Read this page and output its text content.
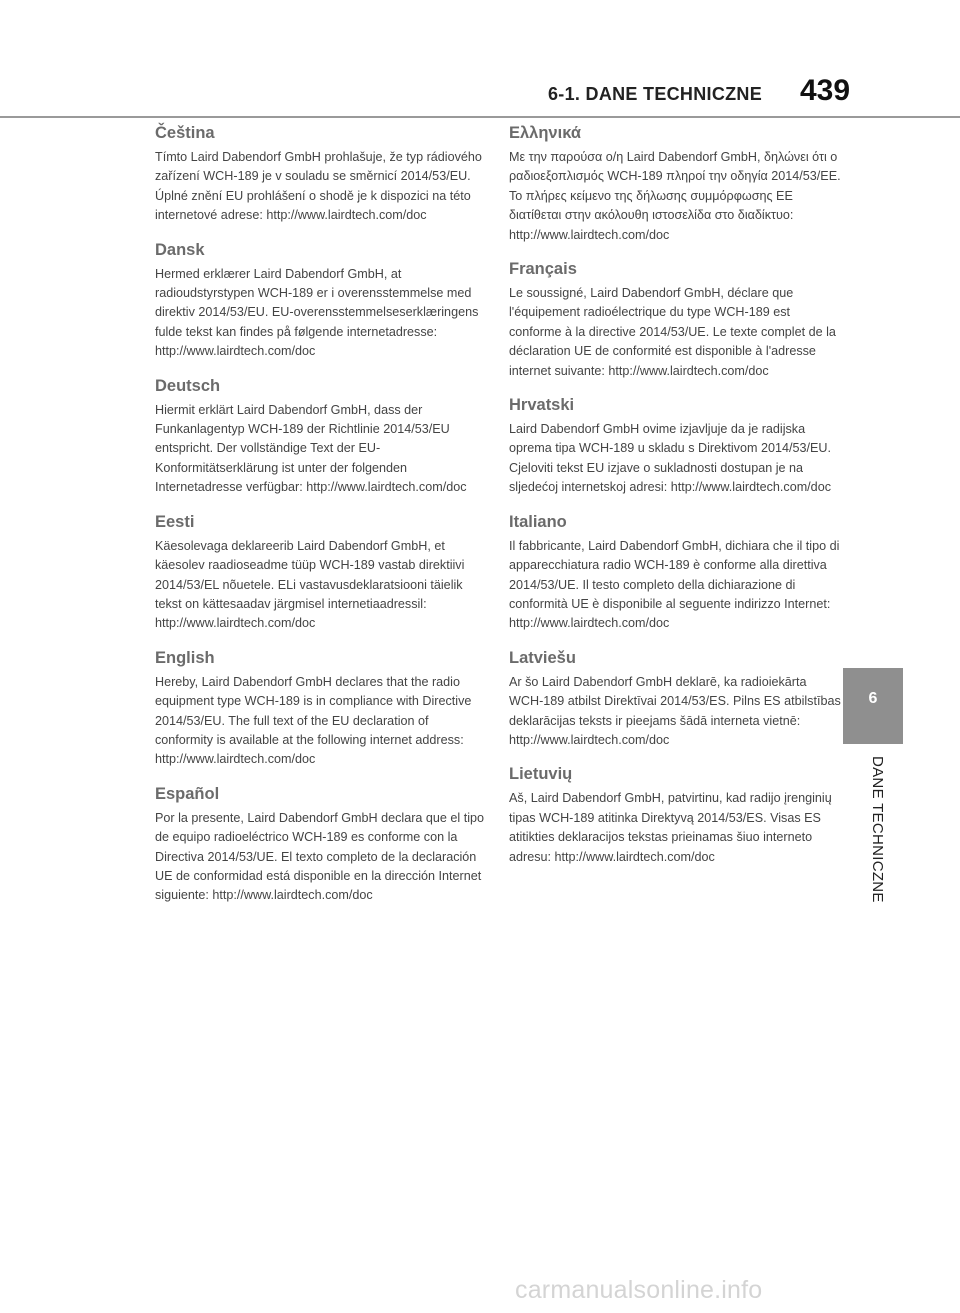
6-1. DANE TECHNICZNE 439
Čeština

Tímto Laird Dabendorf GmbH prohlašuje, že typ rádiového zařízení WCH-189 je v souladu se směrnicí 2014/53/EU. Úplné znění EU prohlášení o shodě je k dispozici na této internetové adrese: http://www.lairdtech.com/doc

Dansk

Hermed erklærer Laird Dabendorf GmbH, at radioudstyrstypen WCH-189 er i overensstemmelse med direktiv 2014/53/EU. EU-overensstemmelseserklæringens fulde tekst kan findes på følgende internetadresse: http://www.lairdtech.com/doc

Deutsch

Hiermit erklärt Laird Dabendorf GmbH, dass der Funkanlagentyp WCH-189 der Richtlinie 2014/53/EU entspricht. Der vollständige Text der EU-Konformitätserklärung ist unter der folgenden Internetadresse verfügbar: http://www.lairdtech.com/doc

Eesti

Käesolevaga deklareerib Laird Dabendorf GmbH, et käesolev raadioseadme tüüp WCH-189 vastab direktiivi 2014/53/EL nõuetele. ELi vastavusdeklaratsiooni täielik tekst on kättesaadav järgmisel internetiaadressil: http://www.lairdtech.com/doc

English

Hereby, Laird Dabendorf GmbH declares that the radio equipment type WCH-189 is in compliance with Directive 2014/53/EU. The full text of the EU declaration of conformity is available at the following internet address: http://www.lairdtech.com/doc

Español

Por la presente, Laird Dabendorf GmbH declara que el tipo de equipo radioeléctrico WCH-189 es conforme con la Directiva 2014/53/UE. El texto completo de la declaración UE de conformidad está disponible en la dirección Internet siguiente: http://www.lairdtech.com/doc

Ελληνικά

Με την παρούσα ο/η Laird Dabendorf GmbH, δηλώνει ότι ο ραδιοεξοπλισμός WCH-189 πληροί την οδηγία 2014/53/ΕΕ. Το πλήρες κείμενο της δήλωσης συμμόρφωσης ΕΕ διατίθεται στην ακόλουθη ιστοσελίδα στο διαδίκτυο: http://www.lairdtech.com/doc

Français

Le soussigné, Laird Dabendorf GmbH, déclare que l'équipement radioélectrique du type WCH-189 est conforme à la directive 2014/53/UE. Le texte complet de la déclaration UE de conformité est disponible à l'adresse internet suivante: http://www.lairdtech.com/doc

Hrvatski

Laird Dabendorf GmbH ovime izjavljuje da je radijska oprema tipa WCH-189 u skladu s Direktivom 2014/53/EU. Cjeloviti tekst EU izjave o sukladnosti dostupan je na sljedećoj internetskoj adresi: http://www.lairdtech.com/doc

Italiano

Il fabbricante, Laird Dabendorf GmbH, dichiara che il tipo di apparecchiatura radio WCH-189 è conforme alla direttiva 2014/53/UE. Il testo completo della dichiarazione di conformità UE è disponibile al seguente indirizzo Internet: http://www.lairdtech.com/doc

Latviešu

Ar šo Laird Dabendorf GmbH deklarē, ka radioiekārta WCH-189 atbilst Direktīvai 2014/53/ES. Pilns ES atbilstības deklarācijas teksts ir pieejams šādā interneta vietnē: http://www.lairdtech.com/doc

Lietuvių

Aš, Laird Dabendorf GmbH, patvirtinu, kad radijo įrenginių tipas WCH-189 atitinka Direktyvą 2014/53/ES. Visas ES atitikties deklaracijos tekstas prieinamas šiuo interneto adresu: http://www.lairdtech.com/doc

6
DANE TECHNICZNE
carmanualsonline.info
